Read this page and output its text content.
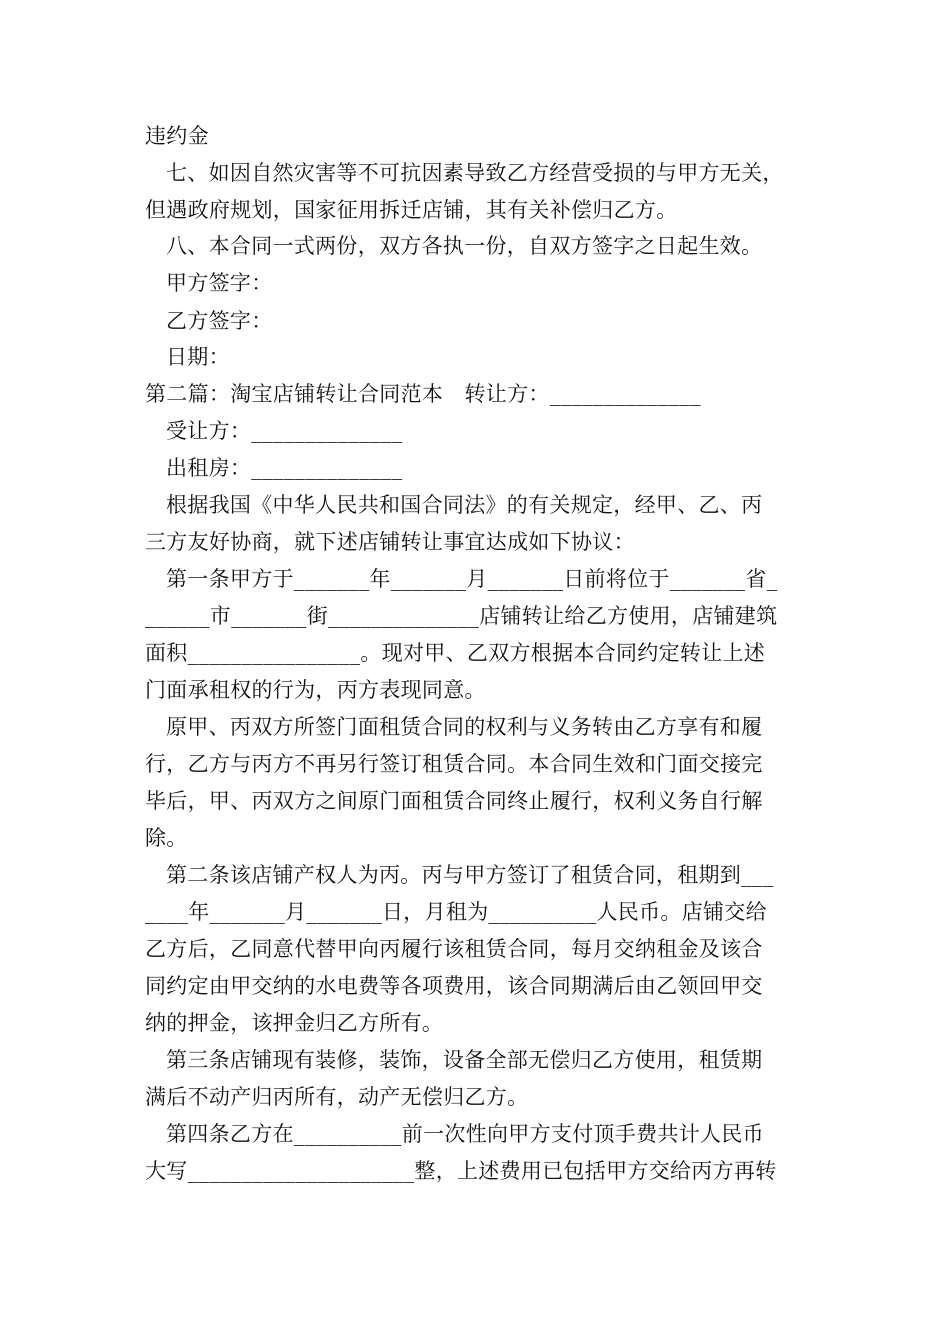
违约金
七、如因自然灾害等不可抗因素导致乙方经营受损的与甲方无关，
但遇政府规划，国家征用拆迁店铺，其有关补偿归乙方。
八、本合同一式两份，双方各执一份，自双方签字之日起生效。
甲方签字：
乙方签字：
日期：
第二篇：淘宝店铺转让合同范本　转让方：______________
受让方：______________
出租房：______________
根据我国《中华人民共和国合同法》的有关规定，经甲、乙、丙
三方友好协商，就下述店铺转让事宜达成如下协议：
第一条甲方于_______年_______月_______日前将位于_______省_
______市_______街______________店铺转让给乙方使用，店铺建筑
面积________________。现对甲、乙双方根据本合同约定转让上述
门面承租权的行为，丙方表现同意。
原甲、丙双方所签门面租赁合同的权利与义务转由乙方享有和履
行，乙方与丙方不再另行签订租赁合同。本合同生效和门面交接完
毕后，甲、丙双方之间原门面租赁合同终止履行，权利义务自行解
除。
第二条该店铺产权人为丙。丙与甲方签订了租赁合同，租期到___
____年_______月_______日，月租为__________人民币。店铺交给
乙方后，乙同意代替甲向丙履行该租赁合同，每月交纳租金及该合
同约定由甲交纳的水电费等各项费用，该合同期满后由乙领回甲交
纳的押金，该押金归乙方所有。
第三条店铺现有装修，装饰，设备全部无偿归乙方使用，租赁期
满后不动产归丙所有，动产无偿归乙方。
第四条乙方在__________前一次性向甲方支付顶手费共计人民币
大写_____________________整，上述费用已包括甲方交给丙方再转
